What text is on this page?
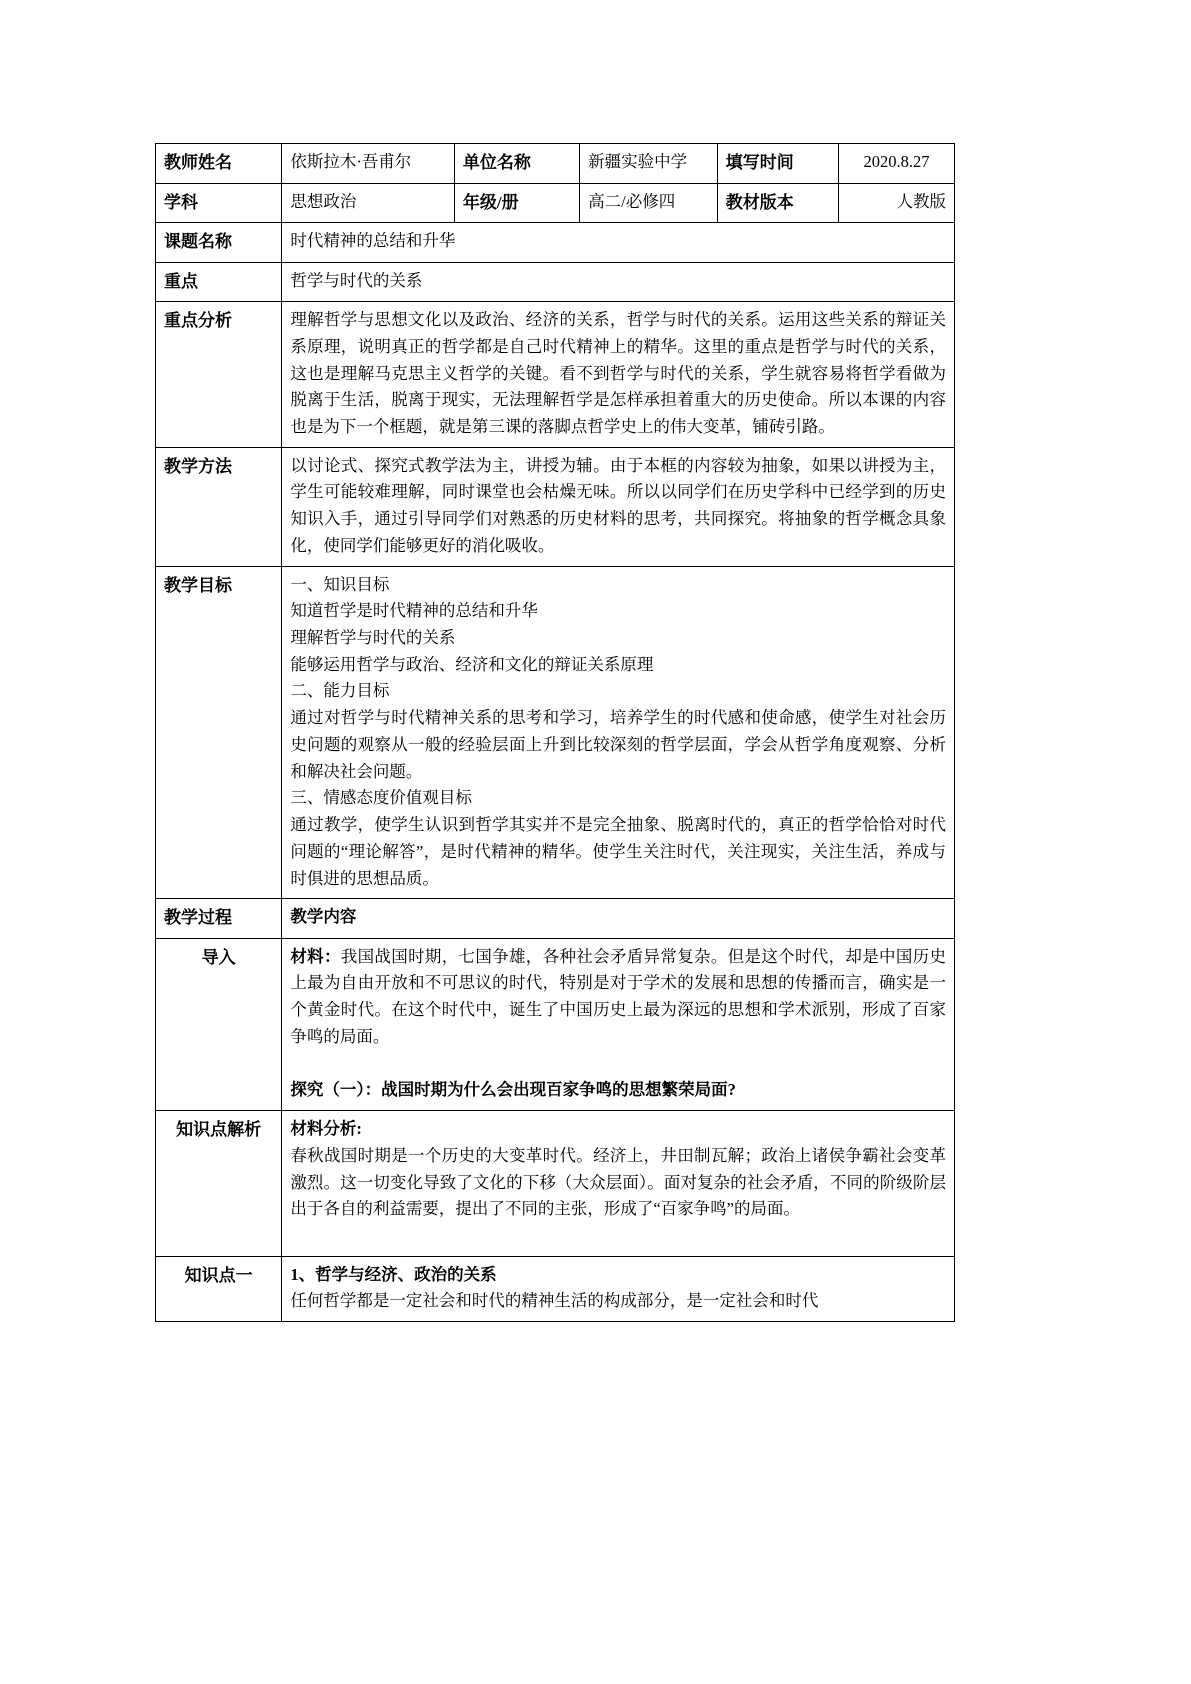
教师姓名	依斯拉木·吾甫尔	单位名称	新疆实验中学	填写时间	2020.8.27
学科	思想政治	年级/册	高二/必修四	教材版本	人教版
课题名称	时代精神的总结和升华				
重点	哲学与时代的关系				
重点分析	理解哲学与思想文化以及政治、经济的关系，哲学与时代的关系。运用这些关系的辩证关系原理，说明真正的哲学都是自己时代精神上的精华。这里的重点是哲学与时代的关系，这也是理解马克思主义哲学的关键。看不到哲学与时代的关系，学生就容易将哲学看做为脱离于生活，脱离于现实，无法理解哲学是怎样承担着重大的历史使命。所以本课的内容也是为下一个框题，就是第三课的落脚点哲学史上的伟大变革，铺砖引路。				

教学方法	以讨论式、探究式教学法为主，讲授为辅。由于本框的内容较为抽象，如果以讲授为主，学生可能较难理解，同时课堂也会枯燥无味。所以以同学们在历史学科中已经学到的历史知识入手，通过引导同学们对熟悉的历史材料的思考，共同探究。将抽象的哲学概念具象化，使同学们能够更好的消化吸收。				

教学目标	一、知识目标

知道哲学是时代精神的总结和升华

理解哲学与时代的关系

能够运用哲学与政治、经济和文化的辩证关系原理

二、能力目标

通过对哲学与时代精神关系的思考和学习，培养学生的时代感和使命感，使学生对社会历史问题的观察从一般的经验层面上升到比较深刻的哲学层面，学会从哲学角度观察、分析和解决社会问题。

三、情感态度价值观目标

通过教学，使学生认识到哲学其实并不是完全抽象、脱离时代的，真正的哲学恰恰对时代问题的“理论解答”，是时代精神的精华。使学生关注时代，关注现实，关注生活，养成与时俱进的思想品质。

教学过程	教学内容				
导入	材料：我国战国时期，七国争雄，各种社会矛盾异常复杂。但是这个时代，却是中国历史上最为自由开放和不可思议的时代，特别是对于学术的发展和思想的传播而言，确实是一个黄金时代。在这个时代中，诞生了中国历史上最为深远的思想和学术派别，形成了百家争鸣的局面。

探究（一）：战国时期为什么会出现百家争鸣的思想繁荣局面?				

知识点解析	材料分析:

春秋战国时期是一个历史的大变革时代。经济上，井田制瓦解；政治上诸侯争霸社会变革激烈。这一切变化导致了文化的下移（大众层面）。面对复杂的社会矛盾，不同的阶级阶层出于各自的利益需要，提出了不同的主张，形成了“百家争鸣”的局面。				

知识点一	1、哲学与经济、政治的关系

任何哲学都是一定社会和时代的精神生活的构成部分，是一定社会和时代				
